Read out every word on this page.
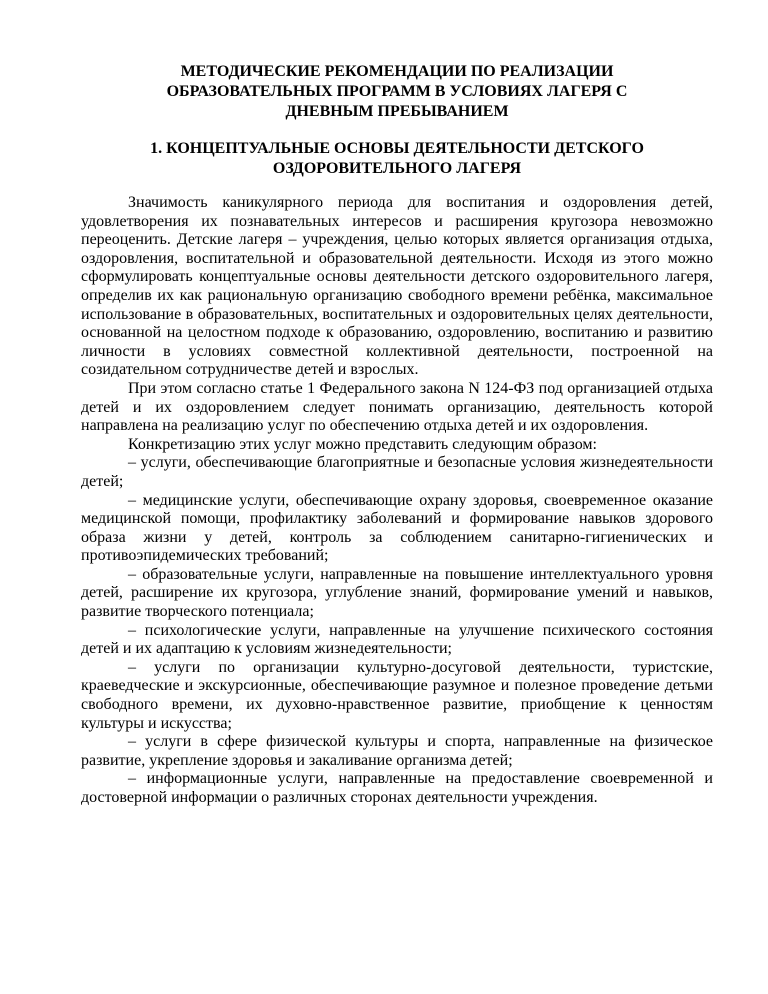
МЕТОДИЧЕСКИЕ РЕКОМЕНДАЦИИ ПО РЕАЛИЗАЦИИ
ОБРАЗОВАТЕЛЬНЫХ ПРОГРАММ В УСЛОВИЯХ ЛАГЕРЯ С
ДНЕВНЫМ ПРЕБЫВАНИЕМ
1. КОНЦЕПТУАЛЬНЫЕ ОСНОВЫ ДЕЯТЕЛЬНОСТИ ДЕТСКОГО
ОЗДОРОВИТЕЛЬНОГО ЛАГЕРЯ

Значимость каникулярного периода для воспитания и оздоровления детей, удовлетворения их познавательных интересов и расширения кругозора невозможно переоценить. Детские лагеря – учреждения, целью которых является организация отдыха, оздоровления, воспитательной и образовательной деятельности. Исходя из этого можно сформулировать концептуальные основы деятельности детского оздоровительного лагеря, определив их как рациональную организацию свободного времени ребёнка, максимальное использование в образовательных, воспитательных и оздоровительных целях деятельности, основанной на целостном подходе к образованию, оздоровлению, воспитанию и развитию личности в условиях совместной коллективной деятельности, построенной на созидательном сотрудничестве детей и взрослых.

При этом согласно статье 1 Федерального закона N 124-ФЗ под организацией отдыха детей и их оздоровлением следует понимать организацию, деятельность которой направлена на реализацию услуг по обеспечению отдыха детей и их оздоровления.

Конкретизацию этих услуг можно представить следующим образом:

– услуги, обеспечивающие благоприятные и безопасные условия жизнедеятельности детей;

– медицинские услуги, обеспечивающие охрану здоровья, своевременное оказание медицинской помощи, профилактику заболеваний и формирование навыков здорового образа жизни у детей, контроль за соблюдением санитарно-гигиенических и противоэпидемических требований;

– образовательные услуги, направленные на повышение интеллектуального уровня детей, расширение их кругозора, углубление знаний, формирование умений и навыков, развитие творческого потенциала;

– психологические услуги, направленные на улучшение психического состояния детей и их адаптацию к условиям жизнедеятельности;

– услуги по организации культурно-досуговой деятельности, туристские, краеведческие и экскурсионные, обеспечивающие разумное и полезное проведение детьми свободного времени, их духовно-нравственное развитие, приобщение к ценностям культуры и искусства;

– услуги в сфере физической культуры и спорта, направленные на физическое развитие, укрепление здоровья и закаливание организма детей;

– информационные услуги, направленные на предоставление своевременной и достоверной информации о различных сторонах деятельности учреждения.
